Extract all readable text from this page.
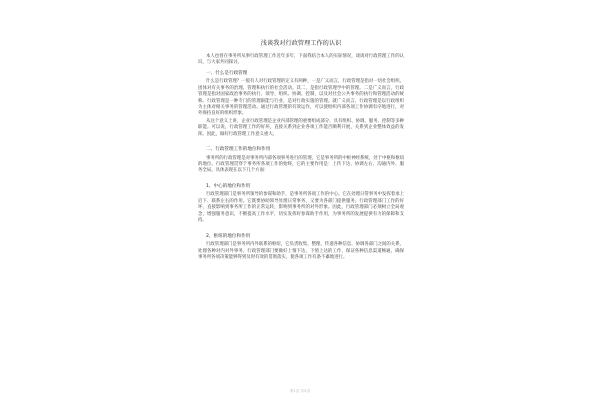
浅谈我对行政管理工作的认识

本人也曾在事务所从事行政管理工作近年多年，下面我结合本人的实际情况，谈谈对行政管理工作的认识，与大家共同探讨。

一、什么是行政管理

什么是行政管理？一般有人对行政管理的定义有两种，一是广义而言，行政管理是指对一切社会组织、团体对有关事务的治理、管理和执行的社会活动。其二，是指行政管理学中的管理。二是广义而言，行政管理是指对国家政治事务的执行、领导、组织、协调、控制，以及对社会公共事务的执行和管理活动的统称。行政管理是一种专门的管理职能与行业，是对行政实施的管理。就广义而言，行政管理是以行政组织为主体对相关事务的管理活动。通过行政管理的有效运作，可以使组织内部各项工作协调有序地进行，对外保持良好的组织形象。

从这个意义上讲，企业行政管理是企业内部管理的重要组成部分，具有组织、协调、服务、控制等多种职能。可以说，行政管理工作的好坏，直接关系到企业各项工作能否顺利开展，关系到企业整体效益的发挥。因此，做好行政管理工作意义重大。

二、行政管理工作的地位和作用

事务所的行政管理是对事务所内部各项事务进行的管理，它是事务所的中枢神经系统，处于中枢和枢纽的地位。行政管理贯穿于事务所各项工作的始终，它的主要作用是：上传下达、协调左右、沟通内外、服务全局。具体表现在以下几个方面：

1、中心的地位和作用

行政管理部门是事务所领导的参谋和助手，是事务所各项工作的中心。它在处理日常事务中发挥着承上启下、联系左右的作用。它既要协助领导处理日常事务，又要为各部门提供服务。行政管理部门工作的好坏，直接影响到事务所工作的正常运转，影响到事务所的对外形象。因此，行政管理部门必须树立全局观念，增强服务意识，不断提高工作水平，切实发挥好参谋助手作用，为事务所的发展提供有力的保障和支持。

2、枢纽的地位和作用

行政管理部门是事务所内外联系的枢纽，它负责收集、整理、传递各种信息，协调各部门之间的关系，处理各种对内对外事务。行政管理部门要做好上情下达、下情上达的工作，保证各种信息渠道畅通，确保事务所各项决策能够得到及时有效的贯彻落实，使各项工作有条不紊地进行。

第1页 共5页
